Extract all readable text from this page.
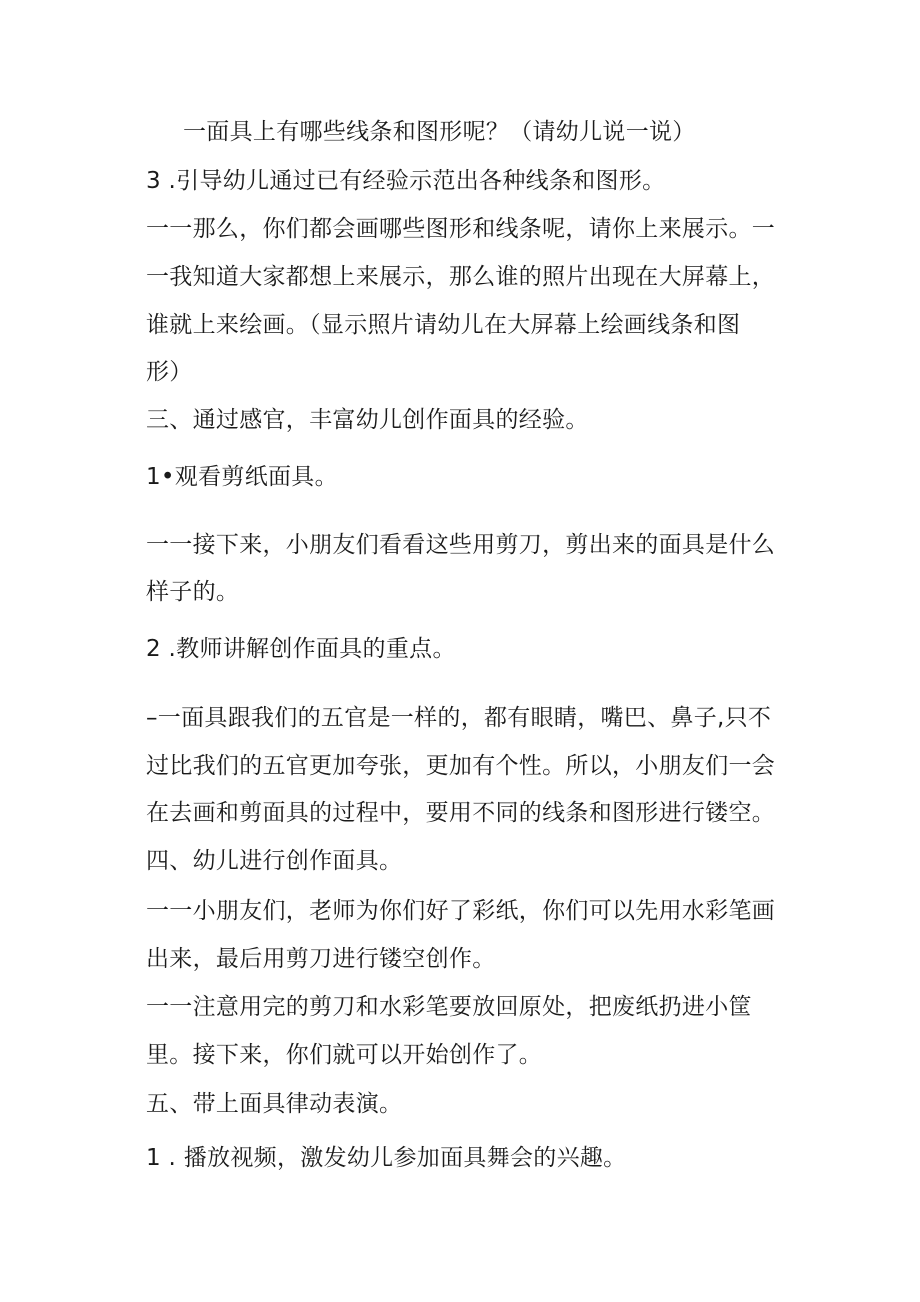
一面具上有哪些线条和图形呢？（请幼儿说一说）
3 .引导幼儿通过已有经验示范出各种线条和图形。
一一那么，你们都会画哪些图形和线条呢，请你上来展示。一
一我知道大家都想上来展示，那么谁的照片出现在大屏幕上，
谁就上来绘画。（显示照片请幼儿在大屏幕上绘画线条和图
形）
三、通过感官，丰富幼儿创作面具的经验。
1•观看剪纸面具。
一一接下来，小朋友们看看这些用剪刀，剪出来的面具是什么
样子的。
2 .教师讲解创作面具的重点。
–一面具跟我们的五官是一样的，都有眼睛，嘴巴、鼻子,只不
过比我们的五官更加夸张，更加有个性。所以，小朋友们一会
在去画和剪面具的过程中，要用不同的线条和图形进行镂空。
四、幼儿进行创作面具。
一一小朋友们，老师为你们好了彩纸，你们可以先用水彩笔画
出来，最后用剪刀进行镂空创作。
一一注意用完的剪刀和水彩笔要放回原处，把废纸扔进小筐
里。接下来，你们就可以开始创作了。
五、带上面具律动表演。
1 . 播放视频，激发幼儿参加面具舞会的兴趣。
